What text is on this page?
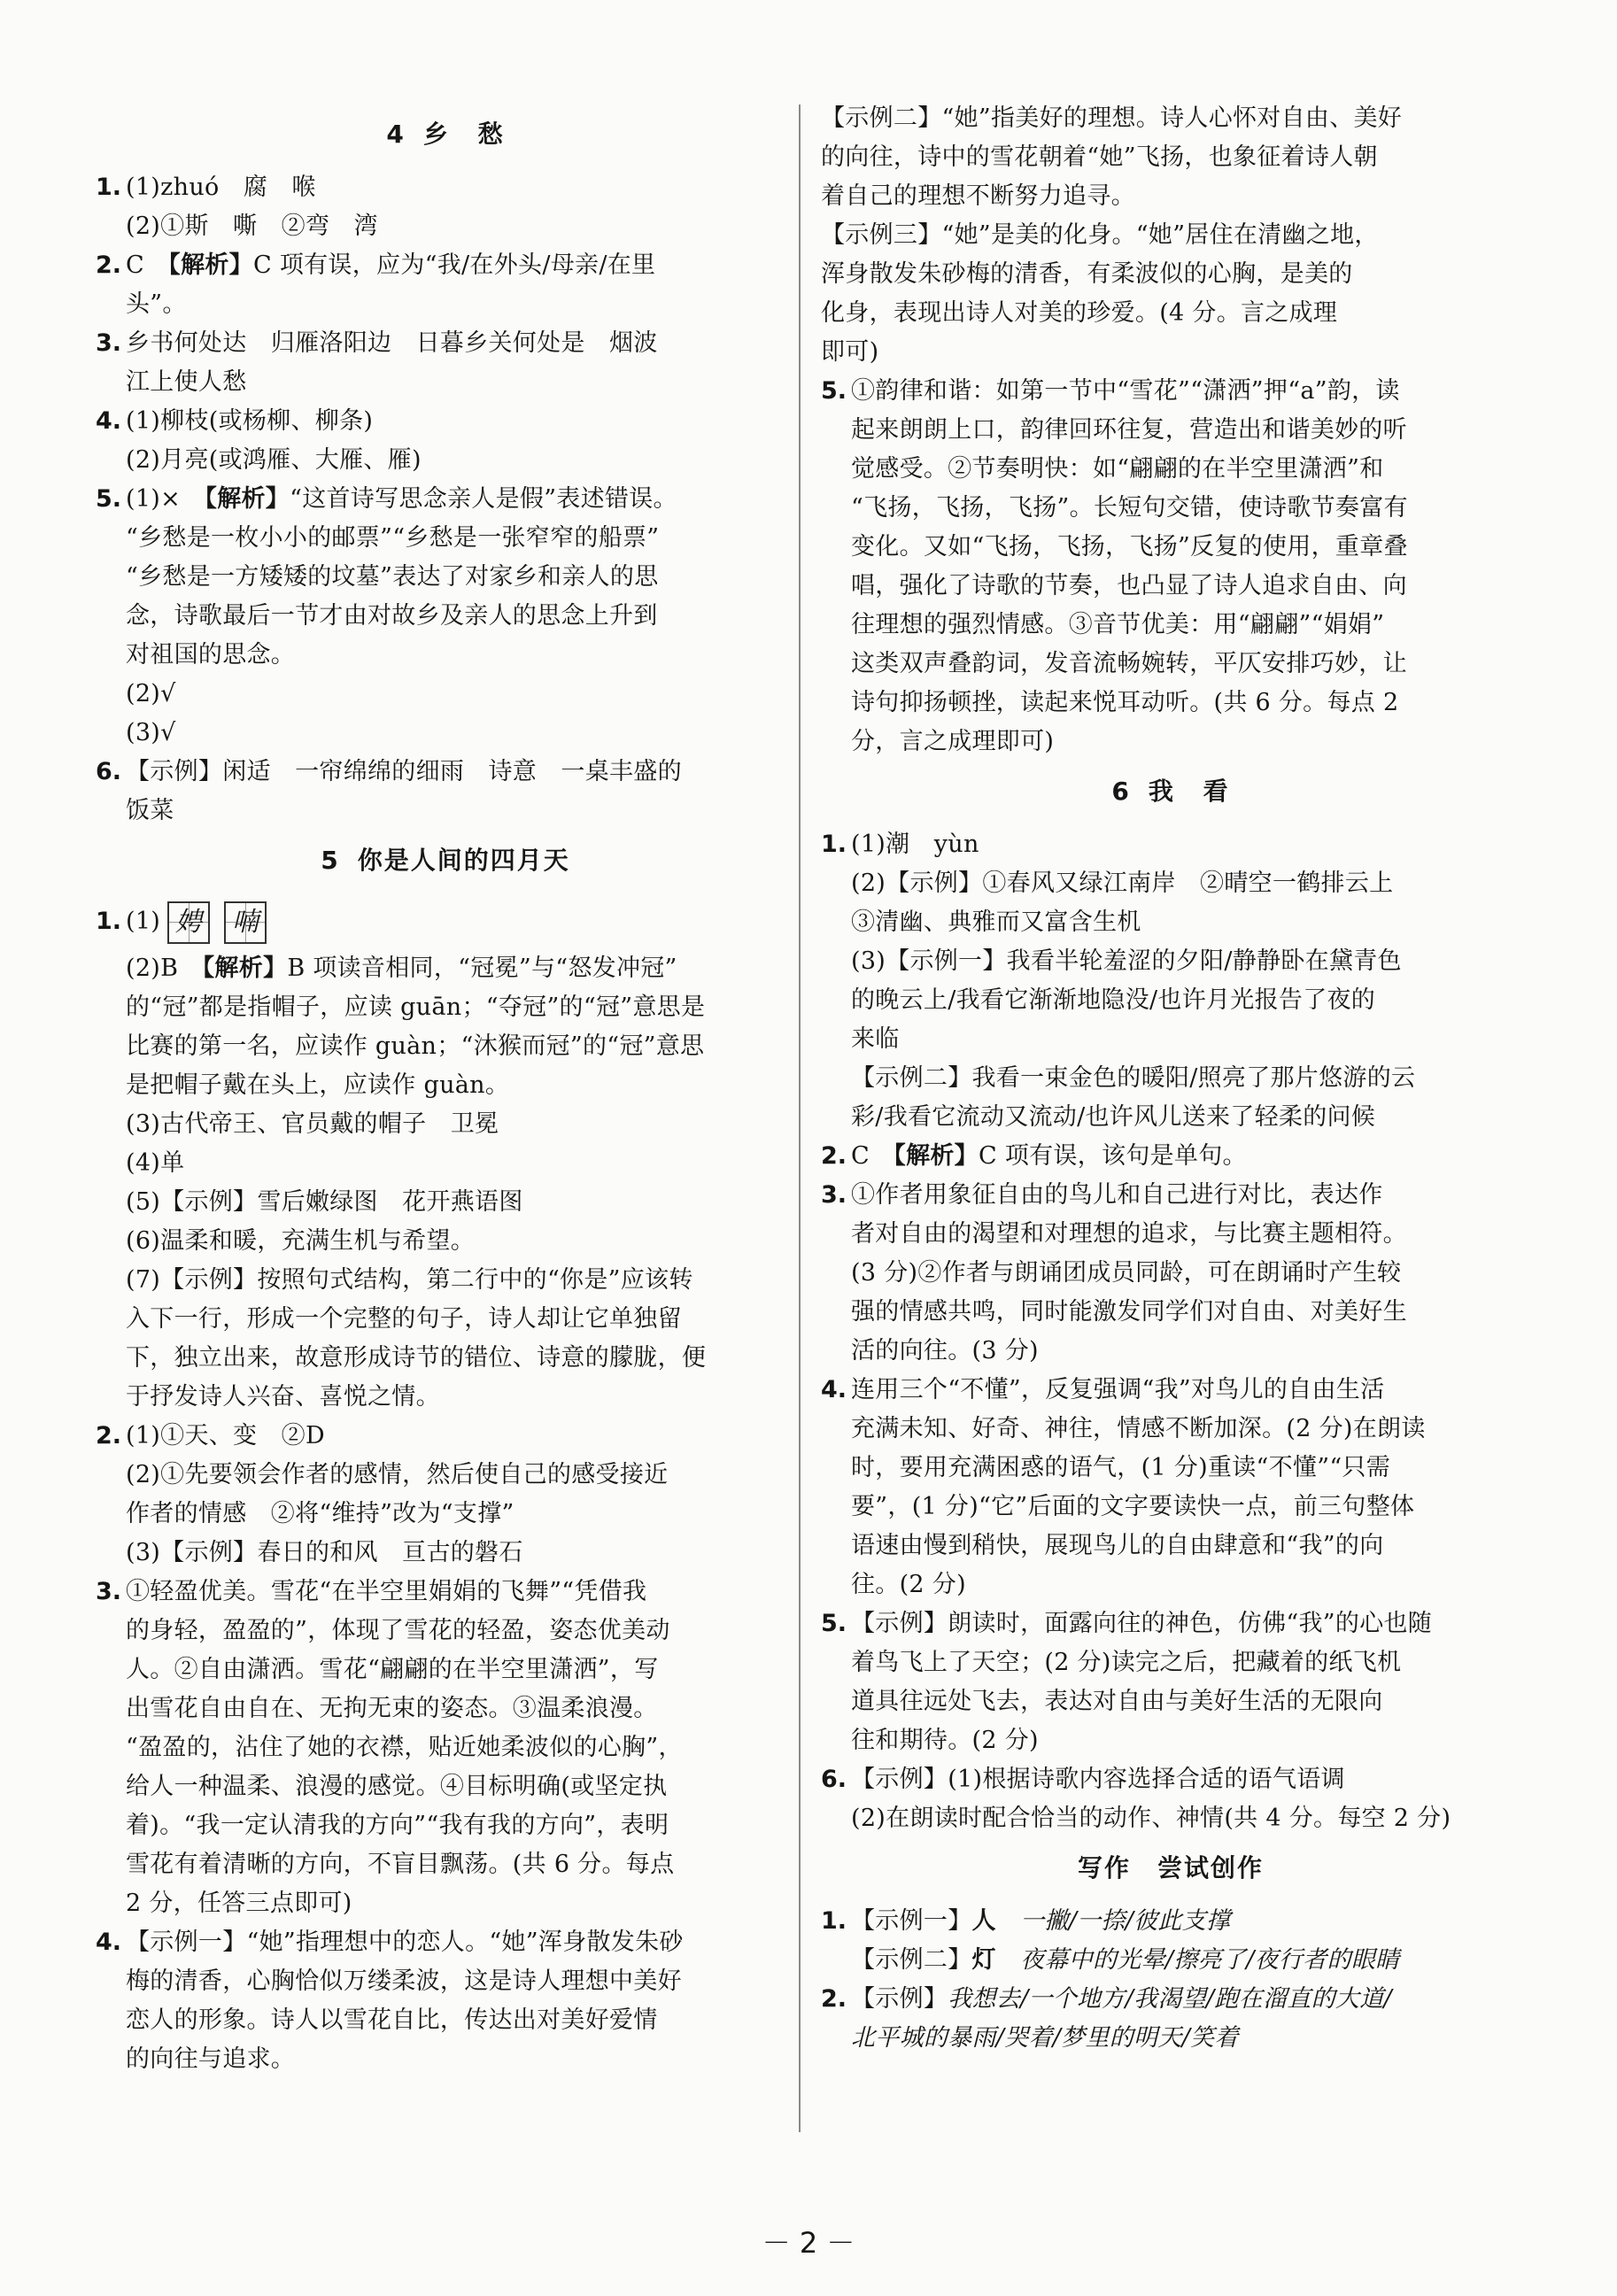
4 乡 愁
1. (1)zhuó　腐　喉
(2)①斯　嘶　②弯　湾
2. C　 【解析】C 项有误，应为“我/在外头/母亲/在里
头”。
3. 乡书何处达　归雁洛阳边　日暮乡关何处是　烟波
江上使人愁
4. (1)柳枝(或杨柳、柳条)
(2)月亮(或鸿雁、大雁、雁)
5. (1)×　 【解析】“这首诗写思念亲人是假”表述错误。
“乡愁是一枚小小的邮票”“乡愁是一张窄窄的船票”
“乡愁是一方矮矮的坟墓”表达了对家乡和亲人的思
念，诗歌最后一节才由对故乡及亲人的思念上升到
对祖国的思念。
(2)√
(3)√
6. 【示例】闲适　一帘绵绵的细雨　诗意　一桌丰盛的
饭菜
5 你是人间的四月天
1. (1) 娉 喃
(2)B　 【解析】B 项读音相同，“冠冕”与“怒发冲冠”
的“冠”都是指帽子，应读 guān；“夺冠”的“冠”意思是
比赛的第一名，应读作 guàn；“沐猴而冠”的“冠”意思
是把帽子戴在头上，应读作 guàn。
(3)古代帝王、官员戴的帽子　卫冕
(4)单
(5)【示例】雪后嫩绿图　花开燕语图
(6)温柔和暖，充满生机与希望。
(7)【示例】按照句式结构，第二行中的“你是”应该转
入下一行，形成一个完整的句子，诗人却让它单独留
下，独立出来，故意形成诗节的错位、诗意的朦胧，便
于抒发诗人兴奋、喜悦之情。
2. (1)①天、变　②D
(2)①先要领会作者的感情，然后使自己的感受接近
作者的情感　②将“维持”改为“支撑”
(3)【示例】春日的和风　亘古的磐石
3. ①轻盈优美。雪花“在半空里娟娟的飞舞”“凭借我
的身轻，盈盈的”，体现了雪花的轻盈，姿态优美动
人。②自由潇洒。雪花“翩翩的在半空里潇洒”，写
出雪花自由自在、无拘无束的姿态。③温柔浪漫。
“盈盈的，沾住了她的衣襟，贴近她柔波似的心胸”，
给人一种温柔、浪漫的感觉。④目标明确(或坚定执
着)。“我一定认清我的方向”“我有我的方向”，表明
雪花有着清晰的方向，不盲目飘荡。(共 6 分。每点
2 分，任答三点即可)
4. 【示例一】“她”指理想中的恋人。“她”浑身散发朱砂
梅的清香，心胸恰似万缕柔波，这是诗人理想中美好
恋人的形象。诗人以雪花自比，传达出对美好爱情
的向往与追求。
【示例二】“她”指美好的理想。诗人心怀对自由、美好
的向往，诗中的雪花朝着“她”飞扬，也象征着诗人朝
着自己的理想不断努力追寻。
【示例三】“她”是美的化身。“她”居住在清幽之地，
浑身散发朱砂梅的清香，有柔波似的心胸，是美的
化身，表现出诗人对美的珍爱。(4 分。言之成理
即可)
5. ①韵律和谐：如第一节中“雪花”“潇洒”押“a”韵，读
起来朗朗上口，韵律回环往复，营造出和谐美妙的听
觉感受。②节奏明快：如“翩翩的在半空里潇洒”和
“飞扬，飞扬，飞扬”。长短句交错，使诗歌节奏富有
变化。又如“飞扬，飞扬，飞扬”反复的使用，重章叠
唱，强化了诗歌的节奏，也凸显了诗人追求自由、向
往理想的强烈情感。③音节优美：用“翩翩”“娟娟”
这类双声叠韵词，发音流畅婉转，平仄安排巧妙，让
诗句抑扬顿挫，读起来悦耳动听。(共 6 分。每点 2
分，言之成理即可)
6 我 看
1. (1)潮　yùn
(2)【示例】①春风又绿江南岸　②晴空一鹤排云上
③清幽、典雅而又富含生机
(3)【示例一】我看半轮羞涩的夕阳/静静卧在黛青色
的晚云上/我看它渐渐地隐没/也许月光报告了夜的
来临
【示例二】我看一束金色的暖阳/照亮了那片悠游的云
彩/我看它流动又流动/也许风儿送来了轻柔的问候
2. C　 【解析】C 项有误，该句是单句。
3. ①作者用象征自由的鸟儿和自己进行对比，表达作
者对自由的渴望和对理想的追求，与比赛主题相符。
(3 分)②作者与朗诵团成员同龄，可在朗诵时产生较
强的情感共鸣，同时能激发同学们对自由、对美好生
活的向往。(3 分)
4. 连用三个“不懂”，反复强调“我”对鸟儿的自由生活
充满未知、好奇、神往，情感不断加深。(2 分)在朗读
时，要用充满困惑的语气，(1 分)重读“不懂”“只需
要”，(1 分)“它”后面的文字要读快一点，前三句整体
语速由慢到稍快，展现鸟儿的自由肆意和“我”的向
往。(2 分)
5. 【示例】朗读时，面露向往的神色，仿佛“我”的心也随
着鸟飞上了天空；(2 分)读完之后，把藏着的纸飞机
道具往远处飞去，表达对自由与美好生活的无限向
往和期待。(2 分)
6. 【示例】(1)根据诗歌内容选择合适的语气语调
(2)在朗读时配合恰当的动作、神情(共 4 分。每空 2 分)
写作　尝试创作
1. 【示例一】人　 一撇/一捺/彼此支撑
【示例二】灯　 夜幕中的光晕/擦亮了/夜行者的眼睛
2. 【示例】我想去/一个地方/我渴望/跑在溜直的大道/
北平城的暴雨/哭着/梦里的明天/笑着
－ 2 －
